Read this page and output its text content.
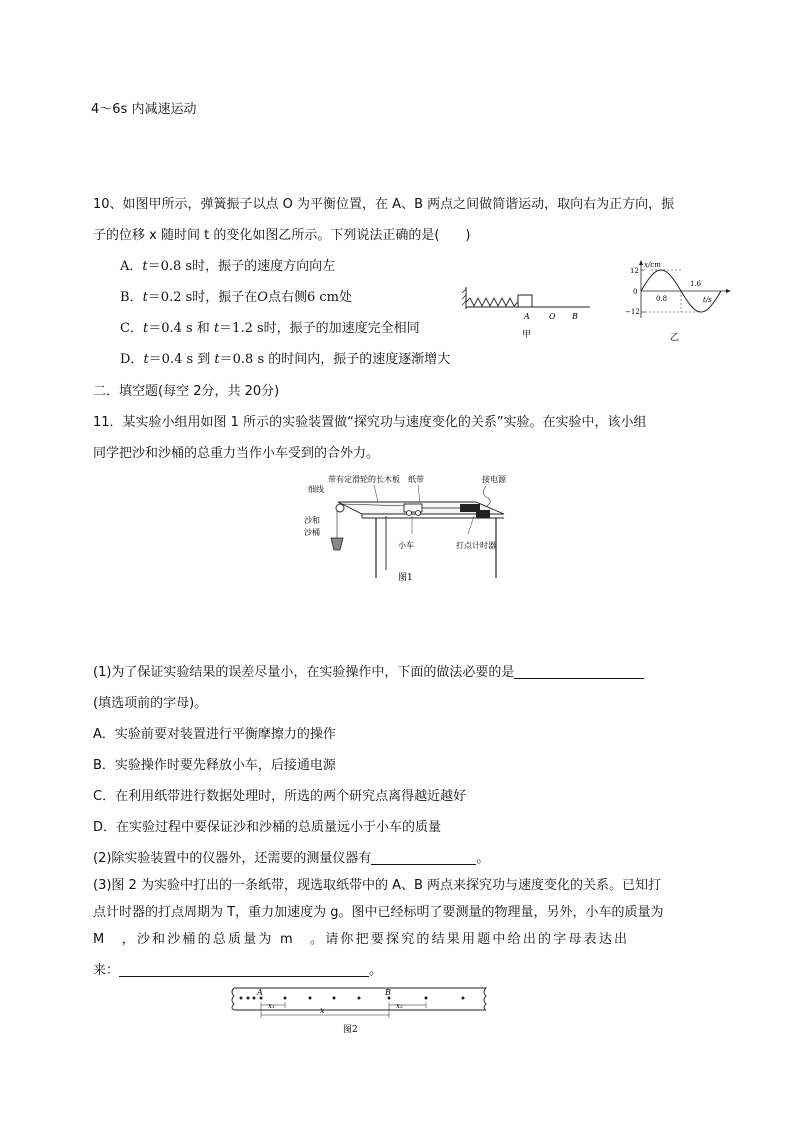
4～6s 内减速运动
10、如图甲所示，弹簧振子以点 O 为平衡位置，在 A、B 两点之间做简谐运动，取向右为正方向，振
子的位移 x 随时间 t 的变化如图乙所示。下列说法正确的是(　　)
A．t＝0.8 s时，振子的速度方向向左
B．t＝0.2 s时，振子在O点右侧6 cm处
C．t＝0.4 s 和 t＝1.2 s时，振子的加速度完全相同
D．t＝0.4 s 到 t＝0.8 s 的时间内，振子的速度逐渐增大
A O B
甲
x/cm
t/s
12
0
−12
0.8
1.6
乙
二．填空题(每空 2分，共 20分)
11．某实验小组用如图 1 所示的实验装置做“探究功与速度变化的关系”实验。在实验中，该小组
同学把沙和沙桶的总重力当作小车受到的合外力。
带有定滑轮的长木板 纸带	接电源
细线
沙和
沙桶
小车	打点计时器
图1
(1)为了保证实验结果的误差尽量小，在实验操作中，下面的做法必要的是
(填选项前的字母)。
A．实验前要对装置进行平衡摩擦力的操作
B．实验操作时要先释放小车，后接通电源
C．在利用纸带进行数据处理时，所选的两个研究点离得越近越好
D．在实验过程中要保证沙和沙桶的总质量远小于小车的质量
(2)除实验装置中的仪器外，还需要的测量仪器有	。
(3)图 2 为实验中打出的一条纸带，现选取纸带中的 A、B 两点来探究功与速度变化的关系。已知打
点计时器的打点周期为 T，重力加速度为 g。图中已经标明了要测量的物理量，另外，小车的质量为
M　，沙和沙桶的总质量为 m　。请你把要探究的结果用题中给出的字母表达出
来：	。
A	B
x₁	x₂
x
图2
